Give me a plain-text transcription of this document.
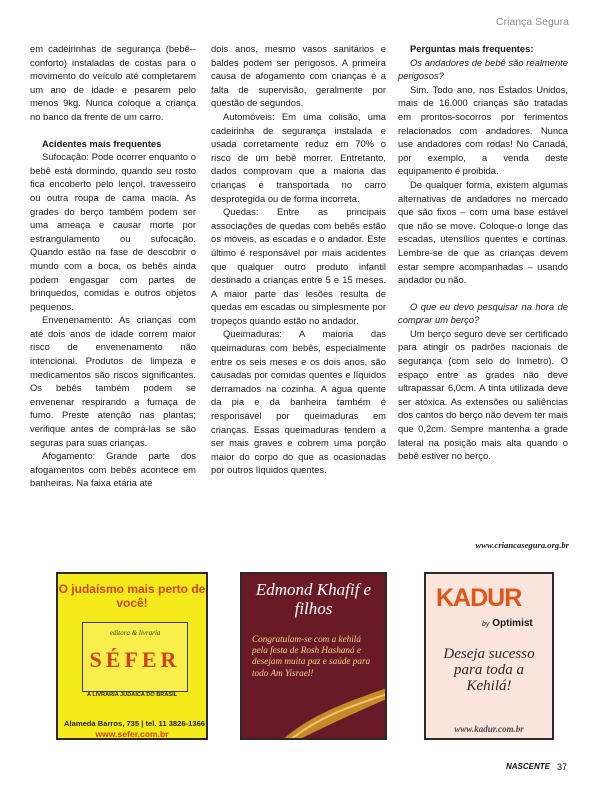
Criança Segura

em cadeirinhas de segurança (bebê--conforto) instaladas de costas para o movimento do veículo até completarem um ano de idade e pesarem pelo menos 9kg. Nunca coloque a criança no banco da frente de um carro.

Acidentes mais frequentes

Sufocação: Pode ocorrer enquanto o bebê está dormindo, quando seu rosto fica encoberto pelo lençol, travesseiro ou outra roupa de cama macia. As grades do berço também podem ser uma ameaça e causar morte por estrangulamento ou sufocação. Quando estão na fase de descobrir o mundo com a boca, os bebês ainda podem engasgar com partes de brinquedos, comidas e outros objetos pequenos.

Envenenamento: As crianças com até dois anos de idade correm maior risco de envenenamento não intencional. Produtos de limpeza e medicamentos são riscos significantes. Os bebês também podem se envenenar respirando a fumaça de fumo. Preste atenção nas plantas; verifique antes de comprá-las se são seguras para suas crianças.

Afogamento: Grande parte dos afogamentos com bebês acontece em banheiras. Na faixa etária até

dois anos, mesmo vasos sanitários e baldes podem ser perigosos. A primeira causa de afogamento com crianças é a falta de supervisão, geralmente por questão de segundos.

Automóveis: Em uma colisão, uma cadeirinha de segurança instalada e usada corretamente reduz em 70% o risco de um bebê morrer. Entretanto, dados comprovam que a maioria das crianças é transportada no carro desprotegida ou de forma incorreta.

Quedas: Entre as principais associações de quedas com bebês estão os móveis, as escadas e o andador. Este último é responsável por mais acidentes que qualquer outro produto infantil destinado a crianças entre 5 e 15 meses. A maior parte das lesões resulta de quedas em escadas ou simplesmente por tropeços quando estão no andador.

Queimaduras: A maioria das queimaduras com bebês, especialmente entre os seis meses e os dois anos, são causadas por comidas quentes e líquidos derramados na cozinha. A água quente da pia e da banheira também é responsável por queimaduras em crianças. Essas queimaduras tendem a ser mais graves e cobrem uma porção maior do corpo do que as ocasionadas por outros líquidos quentes.

Perguntas mais frequentes:

Os andadores de bebê são realmente perigosos?

Sim. Todo ano, nos Estados Unidos, mais de 16.000 crianças são tratadas em prontos-socorros por ferimentos relacionados com andadores. Nunca use andadores com rodas! No Canadá, por exemplo, a venda deste equipamento é proibida.

De qualquer forma, existem algumas alternativas de andadores no mercado que são fixos – com uma base estável que não se move. Coloque-o longe das escadas, utensílios quentes e cortinas. Lembre-se de que as crianças devem estar sempre acompanhadas – usando andador ou não.

O que eu devo pesquisar na hora de comprar um berço?

Um berço seguro deve ser certificado para atingir os padrões nacionais de segurança (com selo do Inmetro). O espaço entre as grades não deve ultrapassar 6,0cm. A tinta utilizada deve ser atóxica. As extensões ou saliências dos cantos do berço não devem ter mais que 0,2cm. Sempre mantenha a grade lateral na posição mais alta quando o bebê estiver no berço.

www.criancasegura.org.br
O judaísmo mais perto de você!
editora & livraria
SÉFER
A LIVRARIA JUDAICA DO BRASIL
Alameda Barros, 735 | tel. 11 3826-1366
www.sefer.com.br
Edmond Khafif e filhos
Congratulam-se com a kehilá pela festa de Rosh Hashaná e desejam muita paz e saúde para todo Am Yisrael!
KADUR
by Optimist
Deseja sucesso para toda a Kehilá!
www.kadur.com.br
NASCENTE 37
